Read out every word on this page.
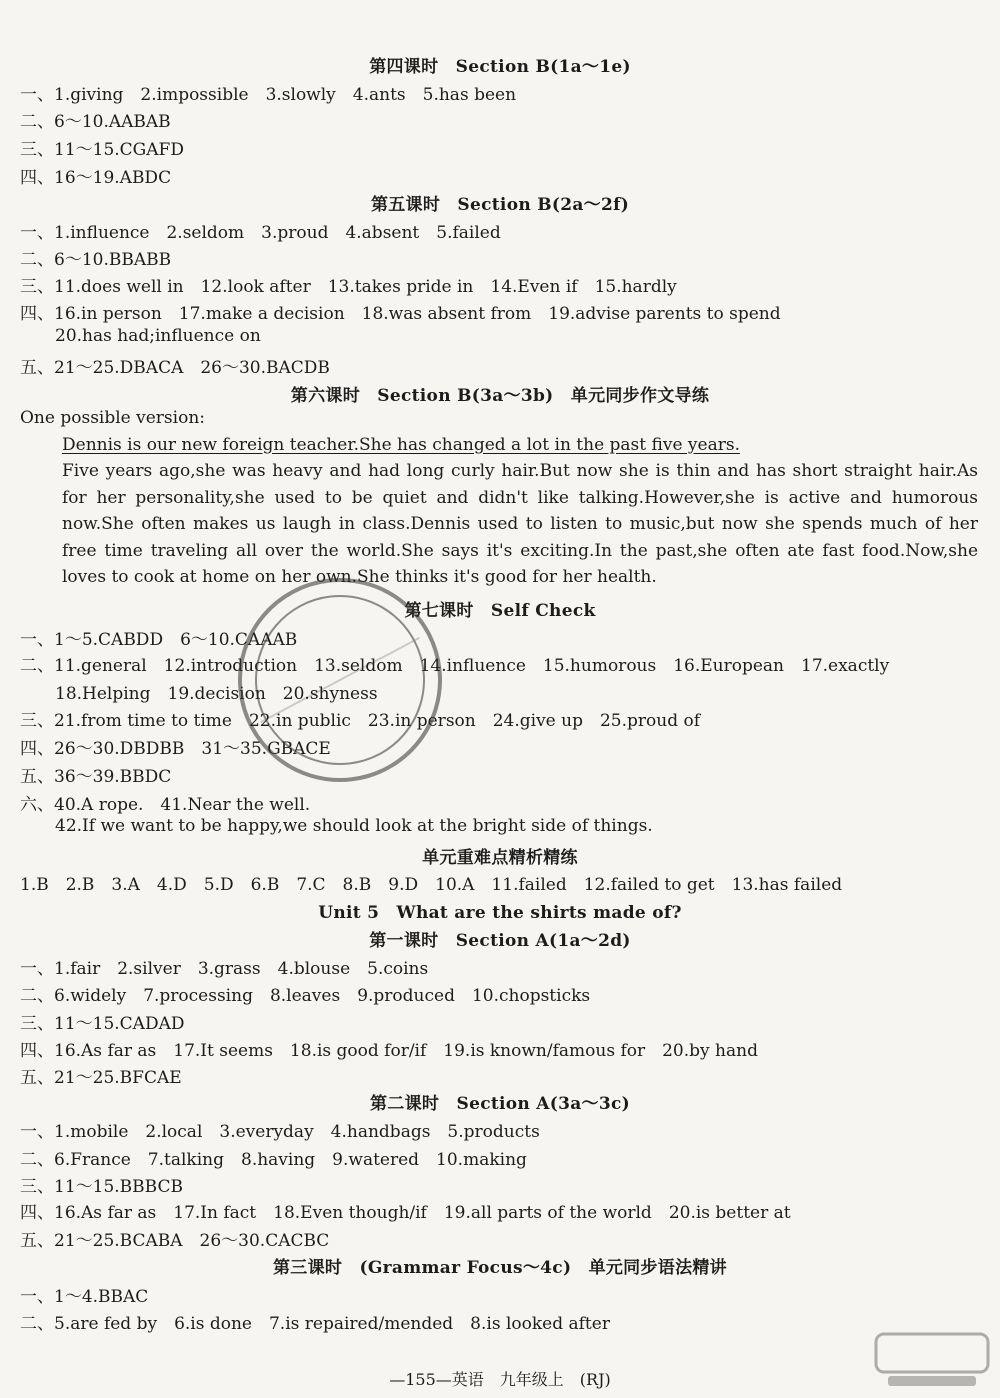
第四课时　Section B(1a～1e)
一、1.giving　2.impossible　3.slowly　4.ants　5.has been
二、6～10.AABAB
三、11～15.CGAFD
四、16～19.ABDC
第五课时　Section B(2a～2f)
一、1.influence　2.seldom　3.proud　4.absent　5.failed
二、6～10.BBABB
三、11.does well in　12.look after　13.takes pride in　14.Even if　15.hardly
四、16.in person　17.make a decision　18.was absent from　19.advise parents to spend
20.has had;influence on
五、21～25.DBACA　26～30.BACDB
第六课时　Section B(3a～3b)　单元同步作文导练
One possible version:
Dennis is our new foreign teacher.She has changed a lot in the past five years.
Five years ago,she was heavy and had long curly hair.But now she is thin and has short straight hair.As for her personality,she used to be quiet and didn't like talking.However,she is active and humorous now.She often makes us laugh in class.Dennis used to listen to music,but now she spends much of her free time traveling all over the world.She says it's exciting.In the past,she often ate fast food.Now,she loves to cook at home on her own.She thinks it's good for her health.
第七课时　Self Check
一、1～5.CABDD　6～10.CAAAB
二、11.general　12.introduction　13.seldom　14.influence　15.humorous　16.European　17.exactly
18.Helping　19.decision　20.shyness
三、21.from time to time　22.in public　23.in person　24.give up　25.proud of
四、26～30.DBDBB　31～35.GBACE
五、36～39.BBDC
六、40.A rope.　41.Near the well.
42.If we want to be happy,we should look at the bright side of things.
单元重难点精析精练
1.B　2.B　3.A　4.D　5.D　6.B　7.C　8.B　9.D　10.A　11.failed　12.failed to get　13.has failed
Unit 5　What are the shirts made of?
第一课时　Section A(1a～2d)
一、1.fair　2.silver　3.grass　4.blouse　5.coins
二、6.widely　7.processing　8.leaves　9.produced　10.chopsticks
三、11～15.CADAD
四、16.As far as　17.It seems　18.is good for/if　19.is known/famous for　20.by hand
五、21～25.BFCAE
第二课时　Section A(3a～3c)
一、1.mobile　2.local　3.everyday　4.handbags　5.products
二、6.France　7.talking　8.having　9.watered　10.making
三、11～15.BBBCB
四、16.As far as　17.In fact　18.Even though/if　19.all parts of the world　20.is better at
五、21～25.BCABA　26～30.CACBC
第三课时　(Grammar Focus～4c)　单元同步语法精讲
一、1～4.BBAC
二、5.are fed by　6.is done　7.is repaired/mended　8.is looked after
—155—英语　九年级上　(RJ)
